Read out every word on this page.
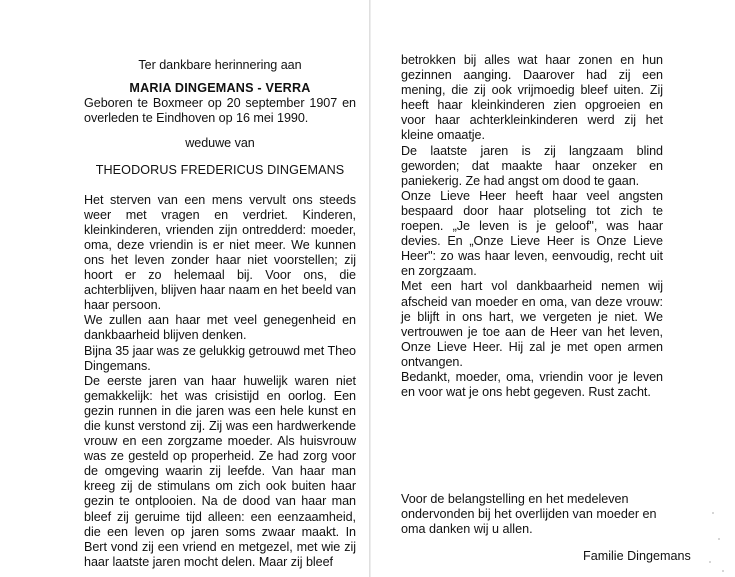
Ter dankbare herinnering aan
MARIA DINGEMANS - VERRA

Geboren te Boxmeer op 20 september 1907 en overleden te Eindhoven op 16 mei 1990.

weduwe van
THEODORUS FREDERICUS DINGEMANS

Het sterven van een mens vervult ons steeds weer met vragen en verdriet. Kinderen, kleinkinderen, vrienden zijn ontredderd: moeder, oma, deze vriendin is er niet meer. We kunnen ons het leven zonder haar niet voorstellen; zij hoort er zo helemaal bij. Voor ons, die achterblijven, blijven haar naam en het beeld van haar persoon.

We zullen aan haar met veel genegenheid en dankbaarheid blijven denken.

Bijna 35 jaar was ze gelukkig getrouwd met Theo Dingemans.

De eerste jaren van haar huwelijk waren niet gemakkelijk: het was crisistijd en oorlog. Een gezin runnen in die jaren was een hele kunst en die kunst verstond zij. Zij was een hardwerkende vrouw en een zorgzame moeder. Als huisvrouw was ze gesteld op properheid. Ze had zorg voor de omgeving waarin zij leefde. Van haar man kreeg zij de stimulans om zich ook buiten haar gezin te ontplooien. Na de dood van haar man bleef zij geruime tijd alleen: een eenzaamheid, die een leven op jaren soms zwaar maakt. In Bert vond zij een vriend en metgezel, met wie zij haar laatste jaren mocht delen. Maar zij bleef

betrokken bij alles wat haar zonen en hun gezinnen aanging. Daarover had zij een mening, die zij ook vrijmoedig bleef uiten. Zij heeft haar kleinkinderen zien opgroeien en voor haar achterkleinkinderen werd zij het kleine omaatje.

De laatste jaren is zij langzaam blind geworden; dat maakte haar onzeker en paniekerig. Ze had angst om dood te gaan.

Onze Lieve Heer heeft haar veel angsten bespaard door haar plotseling tot zich te roepen. „Je leven is je geloof", was haar devies. En „Onze Lieve Heer is Onze Lieve Heer": zo was haar leven, eenvoudig, recht uit en zorgzaam.

Met een hart vol dankbaarheid nemen wij afscheid van moeder en oma, van deze vrouw: je blijft in ons hart, we vergeten je niet. We vertrouwen je toe aan de Heer van het leven, Onze Lieve Heer. Hij zal je met open armen ontvangen.

Bedankt, moeder, oma, vriendin voor je leven en voor wat je ons hebt gegeven. Rust zacht.

Voor de belangstelling en het medeleven ondervonden bij het overlijden van moeder en oma danken wij u allen.

Familie Dingemans
